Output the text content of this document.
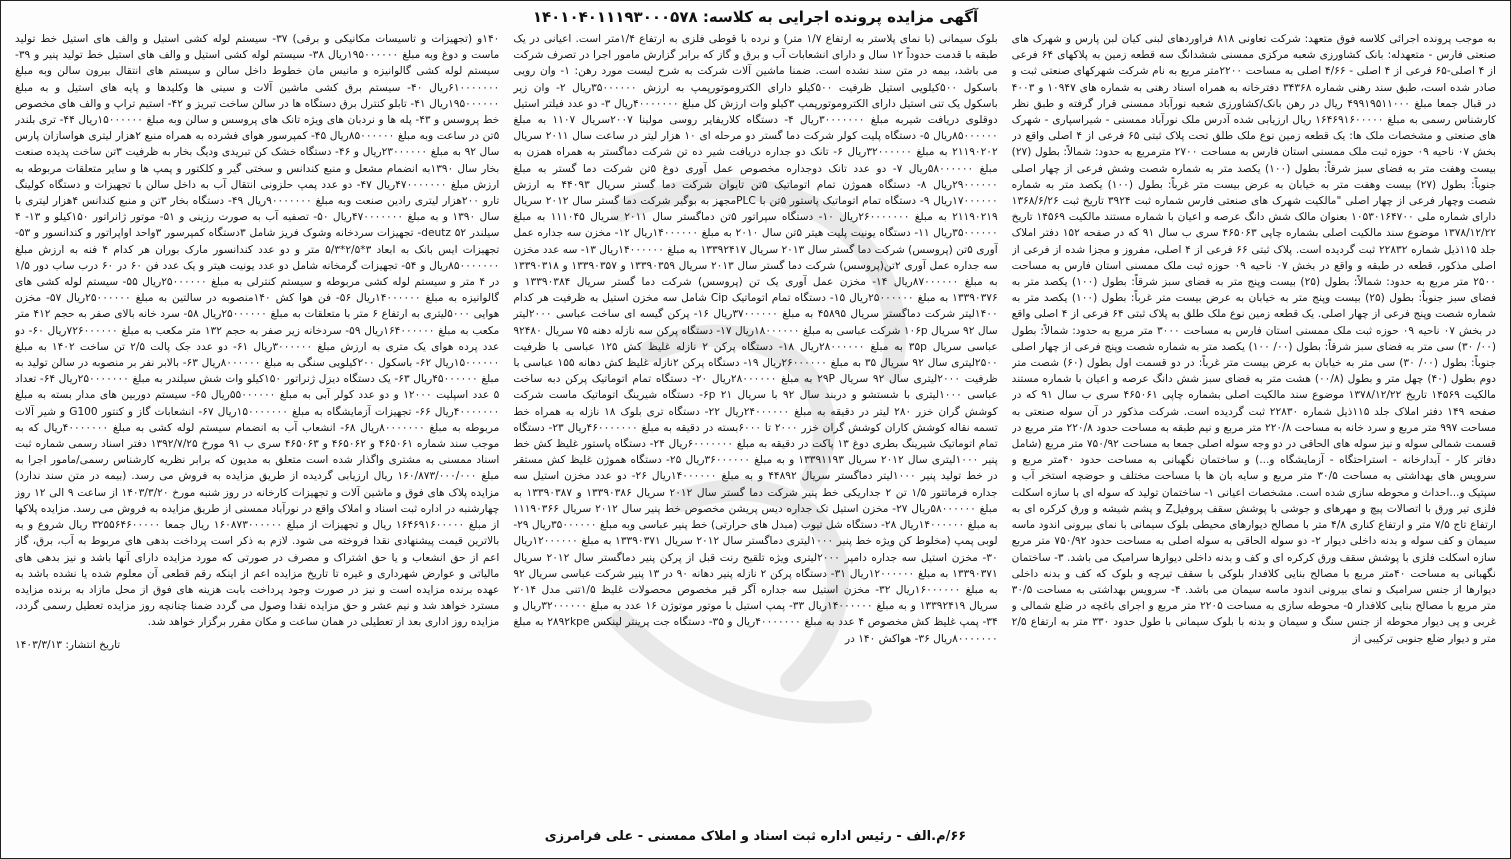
آگهی مزایده پرونده اجرایی به کلاسه: ۱۴۰۱۰۴۰۱۱۱۹۳۰۰۰۵۷۸

به موجب پرونده اجرائی کلاسه فوق متعهد: شرکت تعاونی ۸۱۸ فراوردهای لبنی کیان لبن پارس و شهرک های صنعتی فارس - متعهدله: بانک کشاورزی شعبه مرکزی ممسنی ششدانگ سه قطعه زمین به پلاکهای ۶۴ فرعی از ۴ اصلی-۶۵ فرعی از ۴ اصلی - ۴/۶۶ اصلی به مساحت ۲۲۰۰متر مربع به نام شرکت شهرکهای صنعتی ثبت و صادر شده است، طبق سند رهنی شماره ۳۴۳۶۸ دفترخانه به همراه اسناد رهنی به شماره های ۱۰۹۴۷ و ۴۰۰۳ در قبال جمعا مبلغ ۴۹۹۱۹۵۱۱۰۰۰ ریال در رهن بانک/کشاورزی شعبه نورآباد ممسنی قرار گرفته و طبق نظر کارشناس رسمی به مبلغ ۱۶۴۶۹۱۶۰۰۰۰۰ ریال ارزیابی شده آدرس ملک نورآباد ممسنی - شیراسپاری - شهرک های صنعتی و مشخصات ملک ها: یک قطعه زمین نوع ملک طلق تحت پلاک ثبتی ۶۵ فرعی از ۴ اصلی واقع در بخش ۰۷ ناحیه ۰۹ حوزه ثبت ملک ممسنی استان فارس به مساحت ۲۷۰۰ مترمربع به حدود: شمالاً: بطول (۲۷) بیست وهفت متر به فضای سبز شرقاً: بطول (۱۰۰) یکصد متر به شماره شصت وشش فرعی از چهار اصلی جنوباً: بطول (۲۷) بیست وهفت متر به خیابان به عرض بیست متر غرباً: بطول (۱۰۰) یکصد متر به شماره شصت وچهار فرعی از چهار اصلی "مالکیت شهرک های صنعتی فارس شماره ثبت ۳۹۲۴ تاریخ ثبت ۱۳۶۸/۶/۲۶ دارای شماره ملی ۱۰۵۳۰۱۶۴۷۰۰ بعنوان مالک شش دانگ عرصه و اعیان با شماره مستند مالکیت ۱۴۵۶۹ تاریخ ۱۳۷۸/۱۲/۲۲ موضوع سند مالکیت اصلی بشماره چاپی ۴۶۵۰۶۳ سری ب سال ۹۱ که در صفحه ۱۵۲ دفتر املاک جلد ۱۱۵ذیل شماره ۲۲۸۳۲ ثبت گردیده است. پلاک ثبتی ۶۶ فرعی از ۴ اصلی، مفروز و مجزا شده از فرعی از اصلی مذکور، قطعه در طبقه و واقع در بخش ۰۷ ناحیه ۰۹ حوزه ثبت ملک ممسنی استان فارس به مساحت ۲۵۰۰ متر مربع به حدود: شمالاً: بطول (۲۵) بیست وپنج متر به فضای سبز شرقاً: بطول (۱۰۰) یکصد متر به فضای سبز جنوباً: بطول (۲۵) بیست وپنج متر به خیابان به عرض بیست متر غرباً: بطول (۱۰۰) یکصد متر به شماره شصت وپنج فرعی از چهار اصلی. یک قطعه زمین نوع ملک طلق به پلاک ثبتی ۶۴ فرعی از ۴ اصلی واقع در بخش ۰۷ ناحیه ۰۹ حوزه ثبت ملک ممسنی استان فارس به مساحت ۳۰۰۰ متر مربع به حدود: شمالاً: بطول (۰۰/ ۳۰) سی متر به فضای سبز شرقاً: بطول (۰۰/ ۱۰۰) یکصد متر به شماره شصت وپنج فرعی از چهار اصلی جنوباً: بطول (۰۰/ ۳۰) سی متر به خیابان به عرض بیست متر غرباً: در دو قسمت اول بطول (۶۰) شصت متر دوم بطول (۴۰) چهل متر و بطول (۰۰/۸) هشت متر به فضای سبز شش دانگ عرصه و اعیان با شماره مستند مالکیت ۱۴۵۶۹ تاریخ ۱۳۷۸/۱۲/۲۲ موضوع سند مالکیت اصلی بشماره چاپی ۴۶۵۰۶۱ سری ب سال ۹۱ که در صفحه ۱۴۹ دفتر املاک جلد ۱۱۵ذیل شماره ۲۲۸۳۰ ثبت گردیده است. شرکت مذکور در آن سوله صنعتی به مساحت ۹۹۷ متر مربع و سرد خانه به مساحت ۲۲۰/۸ متر مربع و نیم طبقه به مساحت حدود ۲۲۰/۸ متر مربع در قسمت شمالی سوله و نیز سوله های الحاقی در دو وجه سوله اصلی جمعا به مساحت ۷۵۰/۹۲ متر مربع (شامل دفاتر کار - آبدارخانه - استراحتگاه - آزمایشگاه و...) و ساختمان نگهبانی به مساحت حدود ۴۰متر مربع و سرویس های بهداشتی به مساحت ۳۰/۵ متر مربع و سایه بان ها با مساحت مختلف و حوضچه استخر آب و سپتیک و...احداث و محوطه سازی شده است. مشخصات اعیانی ۱- ساختمان تولید که سوله ای با سازه اسکلت فلزی تیر ورق با اتصالات پیچ و مهرهای و جوشی با پوشش سقف پروفیلZ و پشم شیشه و ورق کرکره ای به ارتفاع تاج ۷/۵ متر و ارتفاع کناری ۴/۸ متر با مصالح دیوارهای محیطی بلوک سیمانی با نمای بیرونی اندود ماسه سیمان و کف سوله و بدنه داخلی دیوار ۲- دو سوله الحاقی به سوله اصلی به مساحت حدود ۷۵۰/۹۲ متر مربع سازه اسکلت فلزی با پوشش سقف ورق کرکره ای و کف و بدنه داخلی دیوارها سرامیک می باشد. ۳- ساختمان نگهبانی به مساحت ۴۰متر مربع با مصالح بنایی کلافدار بلوکی با سقف تیرچه و بلوک که کف و بدنه داخلی دیوارها از جنس سرامیک و نمای بیرونی اندود ماسه سیمان می باشد. ۴- سرویس بهداشتی به مساحت ۳۰/۵ متر مربع با مصالح بنایی کلافدار ۵- محوطه سازی به مساحت ۲۲۰۵ متر مربع و اجرای باغچه در ضلع شمالی و غربی و پی دیوار محوطه از جنس سنگ و سیمان و بدنه با بلوک سیمانی با طول حدود ۳۳۰ متر به ارتفاع ۲/۵ متر و دیوار ضلع جنوبی ترکیبی از

بلوک سیمانی (با نمای پلاستر به ارتفاع ۱/۷ متر) و نرده با قوطی فلزی به ارتفاع ۱/۴متر است. اعیانی در یک طبقه با قدمت حدوداً ۱۲ سال و دارای انشعابات آب و برق و گاز که برابر گزارش مامور اجرا در تصرف شرکت می باشد، بیمه در متن سند نشده است. ضمنا ماشین آلات شرکت به شرح لیست مورد رهن: ۱- وان رویی باسکول ۵۰۰کیلویی استیل ظرفیت ۵۰۰کیلو دارای الکتروموتورپمپ به ارزش ۳۵۰۰۰۰۰۰ریال ۲- وان زیر باسکول یک تنی استیل دارای الکتروموتورپمپ ۳کیلو وات ارزش کل مبلغ ۴۰۰۰۰۰۰۰ریال ۳- دو عدد فیلتر استیل دوقلوی دریافت شیربه مبلغ ۳۰۰۰۰۰۰۰ریال ۴- دستگاه کلاریفایر روسی مولینا ۲۰۰۷سریال ۱۱۰۷ به مبلغ ۸۵۰۰۰۰۰۰ریال ۵- دستگاه پلیت کولر شرکت دما گستر دو مرحله ای ۱۰ هزار لیتر در ساعت سال ۲۰۱۱ سریال ۲۱۱۹۰۲۰۲ به مبلغ ۳۲۰۰۰۰۰۰ریال ۶- تانک دو جداره دریافت شیر ده تن شرکت دماگستر به همراه همزن به مبلغ ۵۸۰۰۰۰۰۰ریال ۷- دو عدد تانک دوجداره مخصوص عمل آوری دوغ ۵تن شرکت دما گستر به مبلغ ۲۹۰۰۰۰۰۰ریال ۸- دستگاه هموژن تمام اتوماتیک ۵تن تایوان شرکت دما گستر سریال ۴۴۰۹۳ به ارزش ۱۷۰۰۰۰۰۰ریال ۹- دستگاه تمام اتوماتیک پاستور ۵تن با PLCمجهز به بوگیر شرکت دما گستر سال ۲۰۱۲ سریال ۲۱۱۹۰۲۱۹ به مبلغ ۲۶۰۰۰۰۰۰۰ریال ۱۰- دستگاه سپراتور ۵تن دماگستر سال ۲۰۱۱ سریال ۱۱۱۰۴۵ به مبلغ ۳۵۰۰۰۰۰۰ریال ۱۱- دستگاه یونیت پلیت هیتر ۵تن سال ۲۰۱۰ به مبلغ ۱۴۰۰۰۰۰۰ریال ۱۲- مخزن سه جداره عمل آوری ۵تن (پروسس) شرکت دما گستر سال ۲۰۱۳ سریال ۱۳۳۹۲۴۱۷ به مبلغ ۱۴۰۰۰۰۰۰ریال ۱۳- سه عدد مخزن سه جداره عمل آوری ۲تن(پروسس) شرکت دما گستر سال ۲۰۱۳ سریال ۱۳۳۹۰۳۵۹ و ۱۳۳۹۰۳۵۷ و ۱۳۳۹۰۳۱۸ به مبلغ ۸۷۰۰۰۰۰۰ریال ۱۴- مخزن عمل آوری یک تن (پروسس) شرکت دما گستر سریال ۱۳۳۹۰۳۸۴ و ۱۳۳۹۰۳۷۶ به مبلغ ۲۵۰۰۰۰۰۰ریال ۱۵- دستگاه تمام اتوماتیک Cip شامل سه مخزن استیل به ظرفیت هر کدام ۱۴۰۰لیتر شرکت دماگستر سریال ۴۵۸۹۵ به مبلغ ۳۷۰۰۰۰۰۰ریال ۱۶- پرکن گیسه ای ساخت عباسی ۲۰۰۰لیتر سال ۹۲ سریال ۱۰۶p شرکت عباسی به مبلغ ۱۸۰۰۰۰۰۰ریال ۱۷- دستگاه پرکن سه نازله دهنه ۷۵ سریال ۹۲۴۸۰ عباسی سریال ۳۵p به مبلغ ۲۸۰۰۰۰۰۰ریال ۱۸- دستگاه پرکن ۲ نازله غلیظ کش ۱۲۵ عباسی با ظرفیت ۲۵۰۰لیتری سال ۹۲ سریال ۳۵ به مبلغ ۲۶۰۰۰۰۰۰ریال ۱۹- دستگاه پرکن ۲نازله غلیظ کش دهانه ۱۵۵ عباسی با ظرفیت ۲۰۰۰لیتری سال ۹۲ سریال ۲۹P به مبلغ ۲۸۰۰۰۰۰۰ریال ۲۰- دستگاه تمام اتوماتیک پرکن دبه ساخت عباسی ۱۰۰۰لیتری با شستشو و دربند سال ۹۲ با سریال ۶p ۲۱- دستگاه شیرینگ اتوماتیک ماست شرکت کوشش گران خزر ۲۸۰ لیتر در دقیقه به مبلغ ۲۴۰۰۰۰۰۰ریال ۲۲- دستگاه تری بلوک ۱۸ نازله به همراه خط تسمه نقاله کوشش کاران کوشش گران خزر ۲۰۰۰ تا ۶۰۰۰بسته در دقیقه به مبلغ ۴۶۰۰۰۰۰۰۰ریال ۲۳- دستگاه تمام اتوماتیک شیرینگ بطری دوغ ۱۳ پاکت در دقیقه به مبلغ ۶۰۰۰۰۰۰۰ریال ۲۴- دستگاه پاستور غلیظ کش خط پنیر ۱۰۰۰لیتری سال ۲۰۱۲ سریال ۱۳۳۹۱۱۹۳ و به مبلغ ۳۶۰۰۰۰۰۰ریال ۲۵- دستگاه هموژن غلیظ کش مستقر در خط تولید پنیر ۱۰۰۰لیتر دماگستر سریال ۴۴۸۹۲ و به مبلغ ۱۴۰۰۰۰۰۰ریال ۲۶- دو عدد مخزن استیل سه جداره فرماتتور ۱/۵ تن ۲ جداریکی خط پنیر شرکت دما گستر سال ۲۰۱۲ سریال ۱۳۳۹۰۳۸۶ و ۱۳۳۹۰۳۸۷ به مبلغ ۵۸۰۰۰۰۰۰ریال ۲۷- مخزن استیل تک جداره دیس پریشن مخصوص خط پنیر سال ۲۰۱۲ سریال ۱۱۱۹۰۳۶۶ به مبلغ ۱۴۰۰۰۰۰۰ریال ۲۸- دستگاه شل تیوب (مبدل های حرارتی) خط پنیر عباسی وبه مبلغ ۳۵۰۰۰۰۰۰ریال ۲۹- لوبی پمپ (مخلوط کن ویژه خط پنیر ۱۰۰۰لیتری دماگستر سال ۲۰۱۲ سریال ۱۳۳۹۰۳۷۱ به مبلغ ۱۲۰۰۰۰۰۰ریال ۳۰- مخزن استیل سه جداره دامپر ۲۰۰۰لیتری ویژه تلقیح رنت قبل از پرکن پنیر دماگستر سال ۲۰۱۲ سریال ۱۳۳۹۰۳۷۱ به مبلغ ۱۲۰۰۰۰۰۰ریال ۳۱- دستگاه پرکن ۲ نازله پنیر دهانه ۹۰ در ۱۳ پنیر شرکت عباسی سریال ۹۲ به مبلغ ۱۶۰۰۰۰۰۰ریال ۳۲- مخزن استیل سه جداره آگر قیر مخصوص محصولات غلیظ ۱/۵تنی مدل ۲۰۱۴ سریال ۱۳۳۹۲۴۱۹ و به مبلغ ۱۴۰۰۰۰۰۰ریال ۳۳- پمپ استیل با موتور موتوژن ۱۶ عدد به مبلغ ۳۲۰۰۰۰۰۰ریال و ۳۴- پمپ غلیظ کش مخصوص ۴ عدد به مبلغ ۴۰۰۰۰۰۰۰ریال و ۳۵- دستگاه جت پرینتر لینکس ۲۸۹۲kpe به مبلغ ۸۰۰۰۰۰۰۰ریال ۳۶- هواکش ۱۴۰ در

۱۴۰و (تجهیزات و تاسیسات مکانیکی و برقی) ۳۷- سیستم لوله کشی استیل و والف های استیل خط تولید ماست و دوغ وبه مبلغ ۱۹۵۰۰۰۰۰۰ریال ۳۸- سیستم لوله کشی استیل و والف های استیل خط تولید پنیر و ۳۹- سیستم لوله کشی گالوانیزه و مانیس مان خطوط داخل سالن و سیستم های انتقال بیرون سالن وبه مبلغ ۶۱۰۰۰۰۰۰۰ریال ۴۰- سیستم برق کشی ماشین آلات و سینی ها وکلیدها و پایه های استیل و به مبلغ ۱۹۵۰۰۰۰۰۰ریال ۴۱- تابلو کنترل برق دستگاه ها در سالن ساخت تبریز و ۴۲- استیم تراپ و والف های مخصوص خط پروسس و ۴۳- پله ها و نردبان های ویژه تانک های پروسس و سالن وبه مبلغ ۱۵۰۰۰۰۰۰ریال ۴۴- تری بلندر ۵تن در ساعت وبه مبلغ ۸۵۰۰۰۰۰۰ریال ۴۵- کمپرسور هوای فشرده به همراه منبع ۲هزار لیتری هواسازان پارس سال ۹۲ به مبلغ ۲۳۰۰۰۰۰۰ریال و ۴۶- دستگاه خشک کن تبریدی ودیگ بخار به ظرفیت ۳تن ساخت پدیده صنعت بخار سال ۱۳۹۰به انضمام مشعل و منبع کندانس و سختی گیر و کلکتور و پمپ ها و سایر متعلقات مربوطه به ارزش مبلغ ۴۷۰۰۰۰۰۰۰ریال ۴۷- دو عدد پمپ حلزونی انتقال آب به داخل سالن با تجهیزات و دستگاه کولینگ تارو ۲۰۰هزار لیتری رادین صنعت وبه مبلغ ۹۰۰۰۰۰۰۰ریال ۴۹- دستگاه بخار ۳تن و منبع کندانس ۴هزار لیتری با سال ۱۳۹۰ و به مبلغ ۴۷۰۰۰۰۰۰۰ریال ۵۰- تصفیه آب به صورت رزینی و ۵۱- موتور ژانراتور ۱۵۰کیلو و ۱۳- ۴ سیلندر deutz ۵۲- تجهیزات سردخانه وشوک فریز شامل ۳دستگاه کمپرسور ۳واحد اواپراتور و کندانسور و ۵۳- تجهیزات ایس بانک به ابعاد ۳*۲/۵*۵/۳ متر و دو عدد کندانسور مارک بوران هر کدام ۴ فنه به ارزش مبلغ ۸۵۰۰۰۰۰۰۰ریال و ۵۴- تجهیزات گرمخانه شامل دو عدد یونیت هیتر و یک عدد فن ۶۰ در ۶۰ درب ساب دور ۱/۵ در ۴ متر و سیستم لوله کشی مربوطه و سیستم کنترلی به مبلغ ۲۵۰۰۰۰۰۰ریال ۵۵- سیستم لوله کشی های گالوانیزه به مبلغ ۱۴۰۰۰۰۰۰ریال ۵۶- فن هوا کش ۱۴۰منصوبه در سالتین به مبلغ ۲۵۰۰۰۰۰۰ریال ۵۷- مخزن هوایی ۵۰۰۰لیتری به ارتفاع ۶ متر با متعلقات به مبلغ ۲۵۰۰۰۰۰۰ریال ۵۸- سرد خانه بالای صفر به حجم ۴۱۲ متر مکعب به مبلغ ۱۶۴۰۰۰۰۰۰ریال ۵۹- سردخانه زیر صفر به حجم ۱۳۲ متر مکعب به مبلغ ۷۲۶۰۰۰۰۰۰ریال ۶۰- دو عدد پرده هوای یک متری به ارزش مبلغ ۳۰۰۰۰۰۰ریال ۶۱- دو عدد جک پالت ۲/۵ تن ساخت ۱۴۰۲ به مبلغ ۱۵۰۰۰۰۰۰ریال ۶۲- باسکول ۲۰۰کیلویی سنگی به مبلغ ۸۰۰۰۰۰۰ریال ۶۳- بالابر نفر بر منصوبه در سالن تولید به مبلغ ۴۵۰۰۰۰۰۰ریال ۶۳- یک دستگاه دیزل ژنراتور ۱۵۰کیلو وات شش سیلندر به مبلغ ۲۵۰۰۰۰۰۰۰ریال ۶۴- تعداد ۵ عدد اسپلیت ۱۲۰۰۰ و دو عدد کولر آبی به مبلغ ۵۵۰۰۰۰۰۰ریال ۶۵- سیستم دوربین های مدار بسته به مبلغ ۴۰۰۰۰۰۰۰ریال ۶۶- تجهیزات آزمایشگاه به مبلغ ۱۵۰۰۰۰۰۰۰ریال ۶۷- انشعابات گاز و کنتور G100 و شیر آلات مربوطه به مبلغ ۸۰۰۰۰۰۰۰ریال ۶۸- انشعاب آب به انضمام سیستم لوله کشی به مبلغ ۴۰۰۰۰۰۰۰ریال که به موجب سند شماره ۴۶۵۰۶۱ و ۴۶۵۰۶۲ و ۴۶۵۰۶۳ سری ب ۹۱ مورخ ۱۳۹۲/۷/۲۵ دفتر اسناد رسمی شماره ثبت اسناد ممسنی به مشتری واگذار شده است متعلق به مدیون که برابر نظریه کارشناس رسمی/مامور اجرا به مبلغ ۱۶۰/۸۷۳/۰۰۰/۰۰۰ ریال ارزیابی گردیده از طریق مزایده به فروش می رسد. (بیمه در متن سند ندارد) مزایده پلاک های فوق و ماشین آلات و تجهیزات کارخانه در روز شنبه مورخ ۱۴۰۳/۳/۲۰ از ساعت ۹ الی ۱۲ روز چهارشنبه در اداره ثبت اسناد و املاک واقع در نورآباد ممسنی از طریق مزایده به فروش می رسد. مزایده پلاکها از مبلغ ۱۶۴۶۹۱۶۰۰۰۰۰ ریال و تجهیزات از مبلغ ۱۶۰۸۷۳۰۰۰۰۰۰ ریال جمعا ۳۲۵۵۶۴۶۰۰۰۰۰ ریال شروع و به بالاترین قیمت پیشنهادی نقدا فروخته می شود. لازم به ذکر است پرداخت بدهی های مربوط به آب، برق، گاز اعم از حق انشعاب و یا حق اشتراک و مصرف در صورتی که مورد مزایده دارای آنها باشد و نیز بدهی های مالیاتی و عوارض شهرداری و غیره تا تاریخ مزایده اعم از اینکه رقم قطعی آن معلوم شده یا نشده باشد به عهده برنده مزایده است و نیز در صورت وجود پرداخت بابت هزینه های فوق از محل مازاد به برنده مزایده مسترد خواهد شد و نیم عشر و حق مزایده نقدا وصول می گردد ضمنا چنانچه روز مزایده تعطیل رسمی گردد، مزایده روز اداری بعد از تعطیلی در همان ساعت و مکان مقرر برگزار خواهد شد.

تاریخ انتشار: ۱۴۰۳/۳/۱۳
۶۶/م.الف - رئیس اداره ثبت اسناد و املاک ممسنی - علی فرامرزی
